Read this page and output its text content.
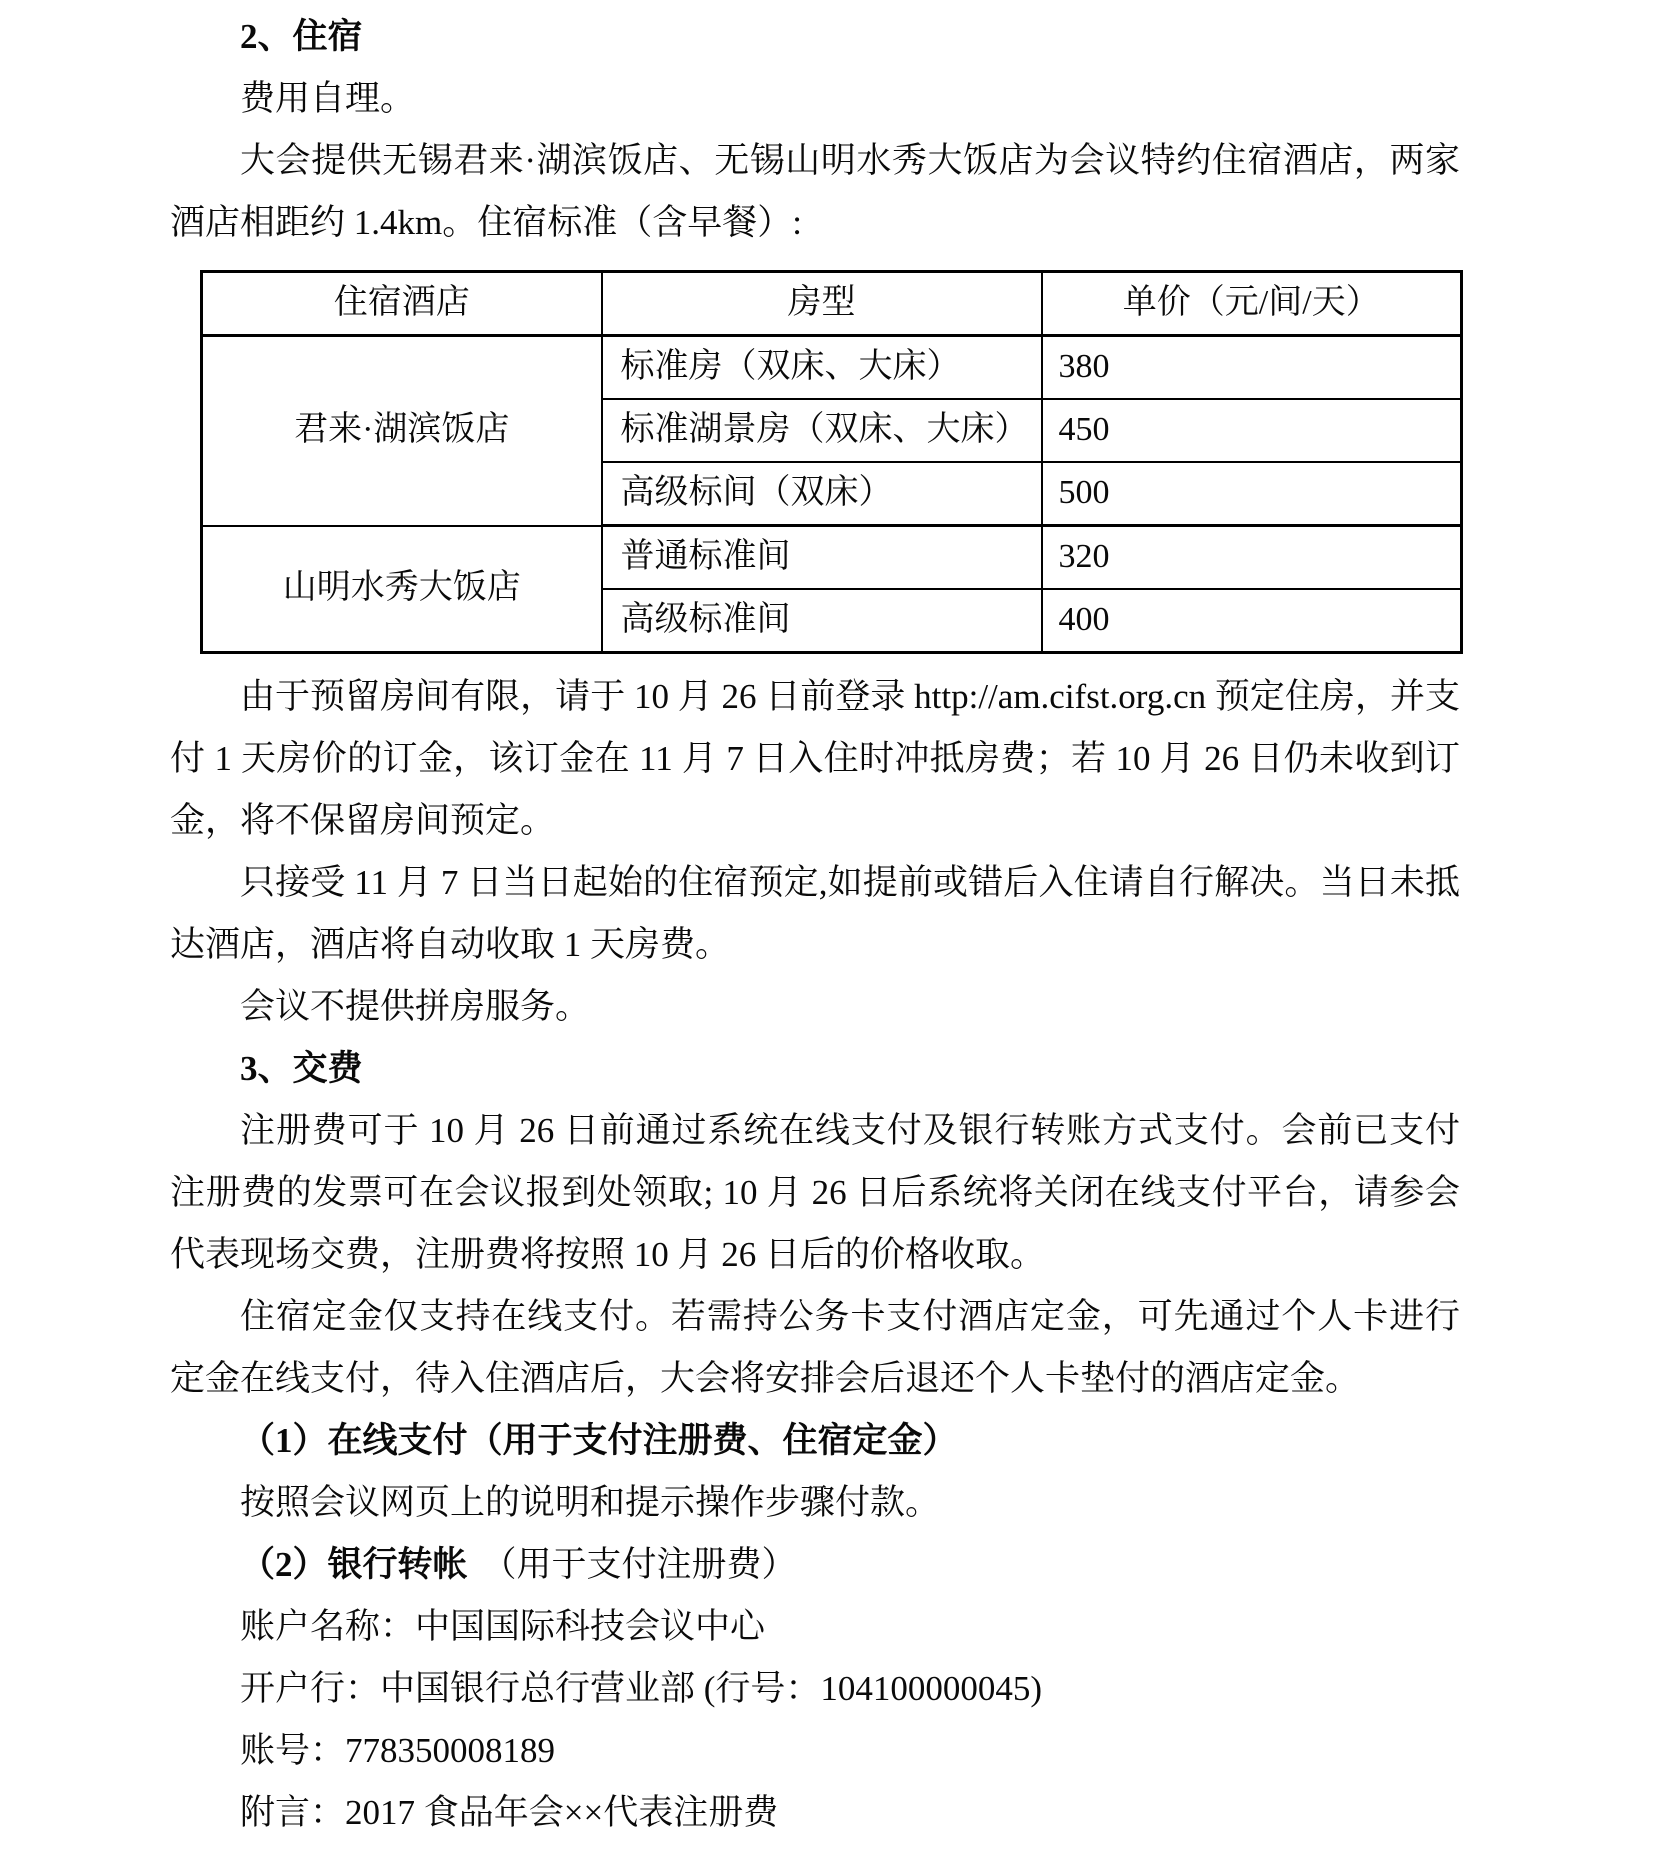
2、住宿

费用自理。

大会提供无锡君来·湖滨饭店、无锡山明水秀大饭店为会议特约住宿酒店，两家酒店相距约 1.4km。住宿标准（含早餐）:

住宿酒店	房型	单价（元/间/天）
君来·湖滨饭店	标准房（双床、大床）	380
	标准湖景房（双床、大床）	450
	高级标间（双床）	500
山明水秀大饭店	普通标准间	320
	高级标准间	400

由于预留房间有限，请于 10 月 26 日前登录 http://am.cifst.org.cn 预定住房，并支付 1 天房价的订金，该订金在 11 月 7 日入住时冲抵房费；若 10 月 26 日仍未收到订金，将不保留房间预定。

只接受 11 月 7 日当日起始的住宿预定,如提前或错后入住请自行解决。当日未抵达酒店，酒店将自动收取 1 天房费。

会议不提供拼房服务。

3、交费

注册费可于 10 月 26 日前通过系统在线支付及银行转账方式支付。会前已支付注册费的发票可在会议报到处领取; 10 月 26 日后系统将关闭在线支付平台，请参会代表现场交费，注册费将按照 10 月 26 日后的价格收取。

住宿定金仅支持在线支付。若需持公务卡支付酒店定金，可先通过个人卡进行定金在线支付，待入住酒店后，大会将安排会后退还个人卡垫付的酒店定金。

（1）在线支付（用于支付注册费、住宿定金）

按照会议网页上的说明和提示操作步骤付款。

（2）银行转帐 （用于支付注册费）

账户名称：中国国际科技会议中心

开户行：中国银行总行营业部 (行号：104100000045)

账号：778350008189

附言：2017 食品年会××代表注册费
